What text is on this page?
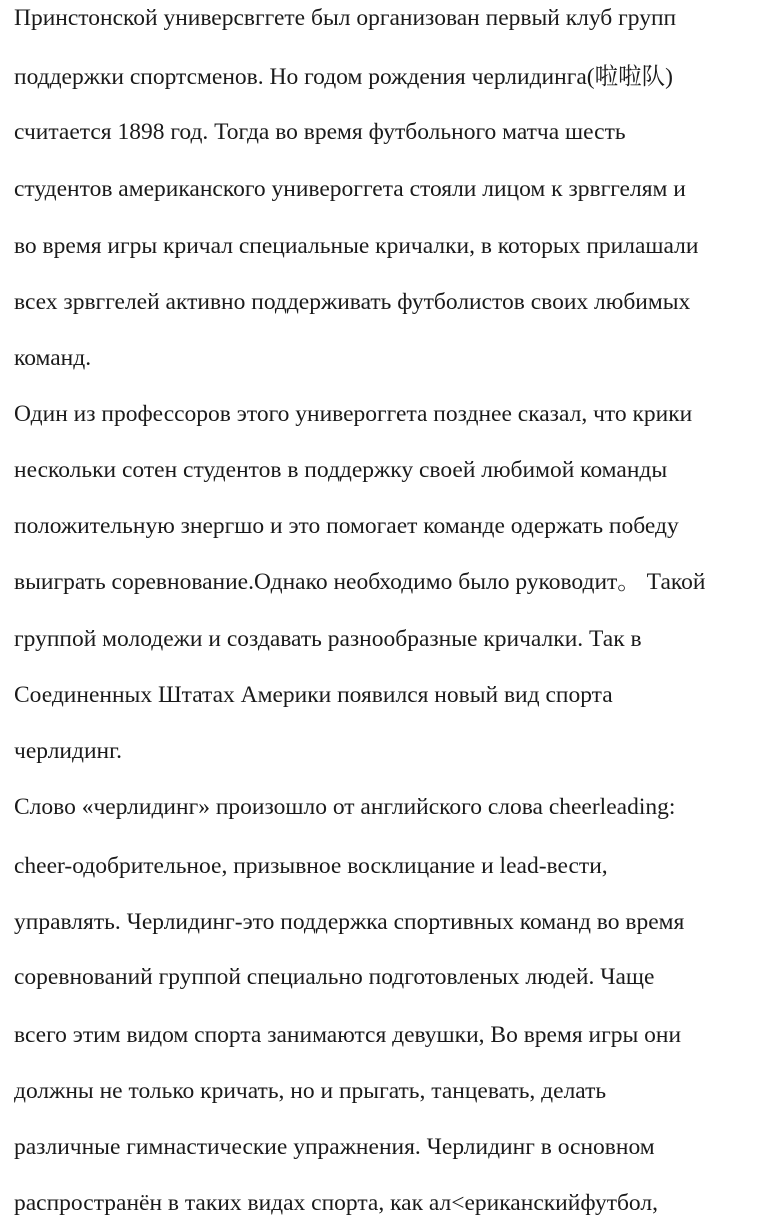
Принстонской универсвггете был организован первый клуб групп
поддержки спортсменов. Но годом рождения черлидинга(啦啦队)
считается 1898 год. Тогда во время футбольного матча шесть
студентов американского универоггета стояли лицом к зрвггелям и
во время игры кричал специальные кричалки, в которых прилашали
всех зрвггелей активно поддерживать футболистов своих любимых
команд.
Один из профессоров этого универоггета позднее сказал, что крики
нескольки сотен студентов в поддержку своей любимой команды
положительную знергшо и это помогает команде одержать победу
выиграть соревнование.Однако необходимо было руководит。 Такой
группой молодежи и создавать разнообразные кричалки. Так в
Соединенных Штатах Америки появился новый вид спорта
черлидинг.
Слово «черлидинг» произошло от английского слова cheerleading:
cheer-одобрительное, призывное восклицание и lead-вести,
управлять. Черлидинг-это поддержка спортивных команд во время
соревнований группой специально подготовленых людей. Чаще
всего этим видом спорта занимаются девушки, Во время игры они
должны не только кричать, но и прыгать, танцевать, делать
различные гимнастические упражнения. Черлидинг в основном
распространён в таких видах спорта, как ал<ериканскийфутбол,
